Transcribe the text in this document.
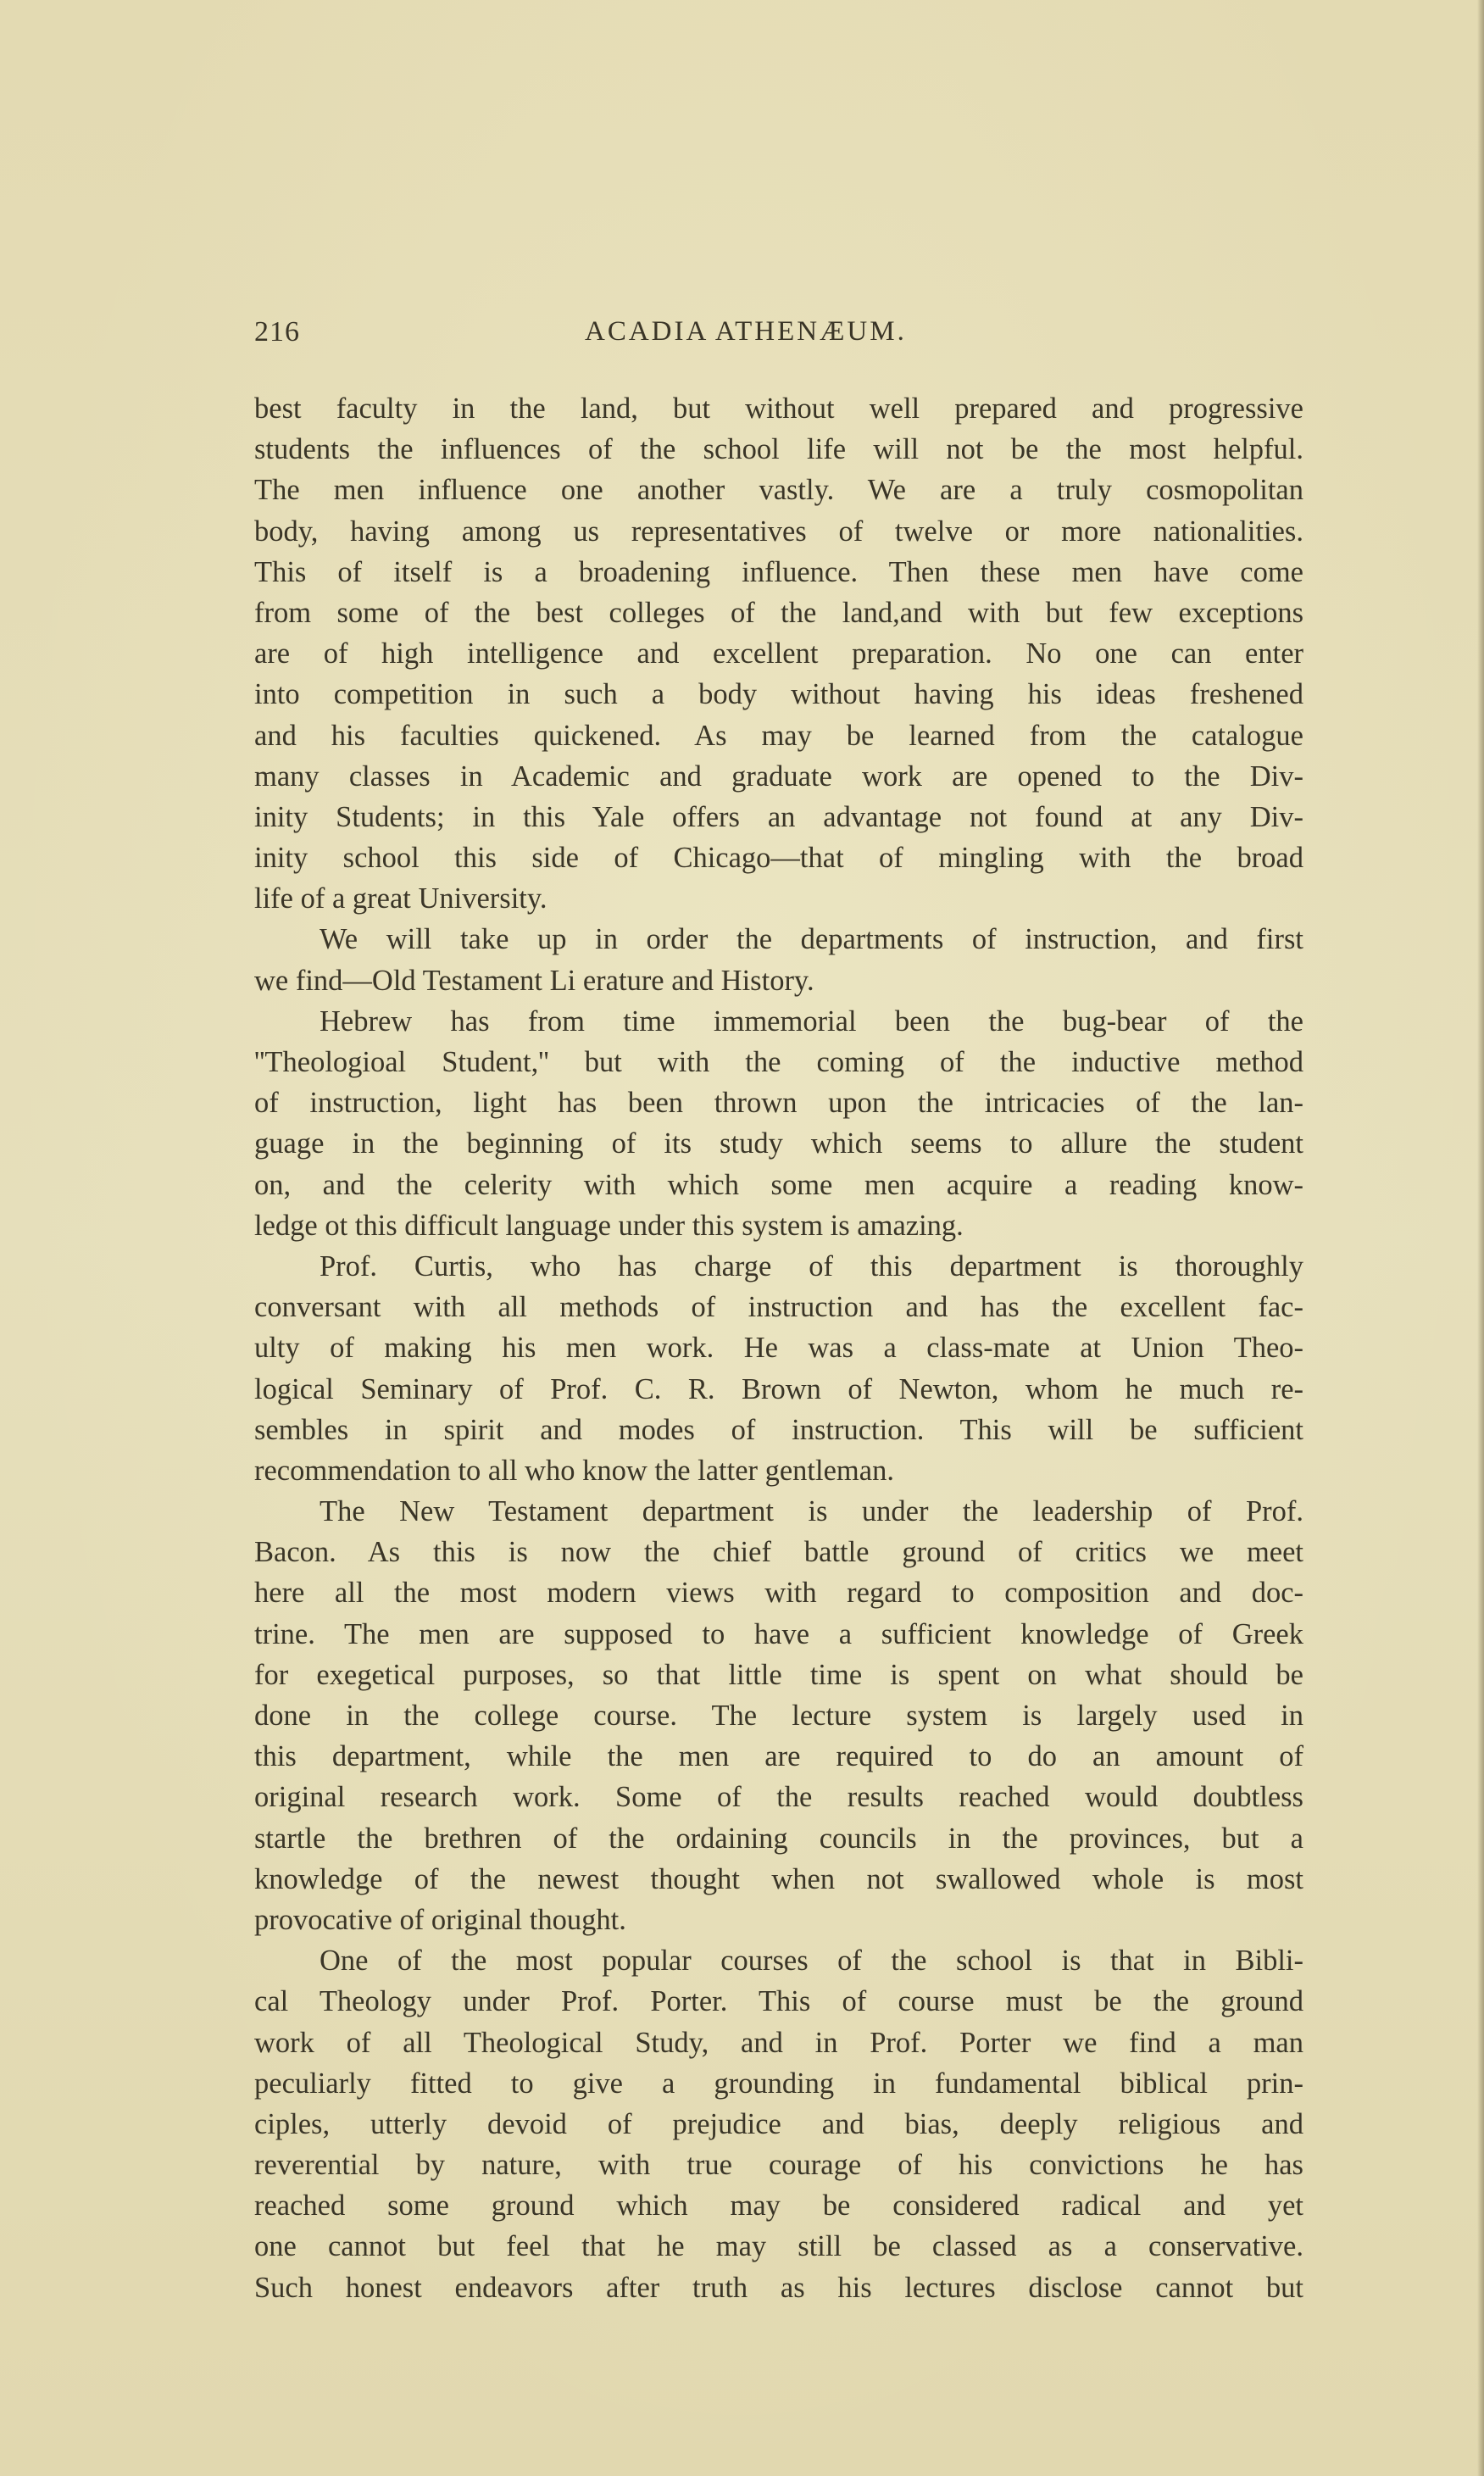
216	ACADIA ATHENÆUM.
best faculty in the land, but without well prepared and progressive
students the influences of the school life will not be the most helpful.
The men influence one another vastly. We are a truly cosmopolitan
body, having among us representatives of twelve or more nationalities.
This of itself is a broadening influence. Then these men have come
from some of the best colleges of the land,and with but few exceptions
are of high intelligence and excellent preparation. No one can enter
into competition in such a body without having his ideas freshened
and his faculties quickened. As may be learned from the catalogue
many classes in Academic and graduate work are opened to the Div-
inity Students; in this Yale offers an advantage not found at any Div-
inity school this side of Chicago—that of mingling with the broad
life of a great University.
We will take up in order the departments of instruction, and first
we find—Old Testament Li erature and History.
Hebrew has from time immemorial been the bug-bear of the
''Theologioal Student,'' but with the coming of the inductive method
of instruction, light has been thrown upon the intricacies of the lan-
guage in the beginning of its study which seems to allure the student
on, and the celerity with which some men acquire a reading know-
ledge ot this difficult language under this system is amazing.
Prof. Curtis, who has charge of this department is thoroughly
conversant with all methods of instruction and has the excellent fac-
ulty of making his men work. He was a class-mate at Union Theo-
logical Seminary of Prof. C. R. Brown of Newton, whom he much re-
sembles in spirit and modes of instruction. This will be sufficient
recommendation to all who know the latter gentleman.
The New Testament department is under the leadership of Prof.
Bacon. As this is now the chief battle ground of critics we meet
here all the most modern views with regard to composition and doc-
trine. The men are supposed to have a sufficient knowledge of Greek
for exegetical purposes, so that little time is spent on what should be
done in the college course. The lecture system is largely used in
this department, while the men are required to do an amount of
original research work. Some of the results reached would doubtless
startle the brethren of the ordaining councils in the provinces, but a
knowledge of the newest thought when not swallowed whole is most
provocative of original thought.
One of the most popular courses of the school is that in Bibli-
cal Theology under Prof. Porter. This of course must be the ground
work of all Theological Study, and in Prof. Porter we find a man
peculiarly fitted to give a grounding in fundamental biblical prin-
ciples, utterly devoid of prejudice and bias, deeply religious and
reverential by nature, with true courage of his convictions he has
reached some ground which may be considered radical and yet
one cannot but feel that he may still be classed as a conservative.
Such honest endeavors after truth as his lectures disclose cannot but
